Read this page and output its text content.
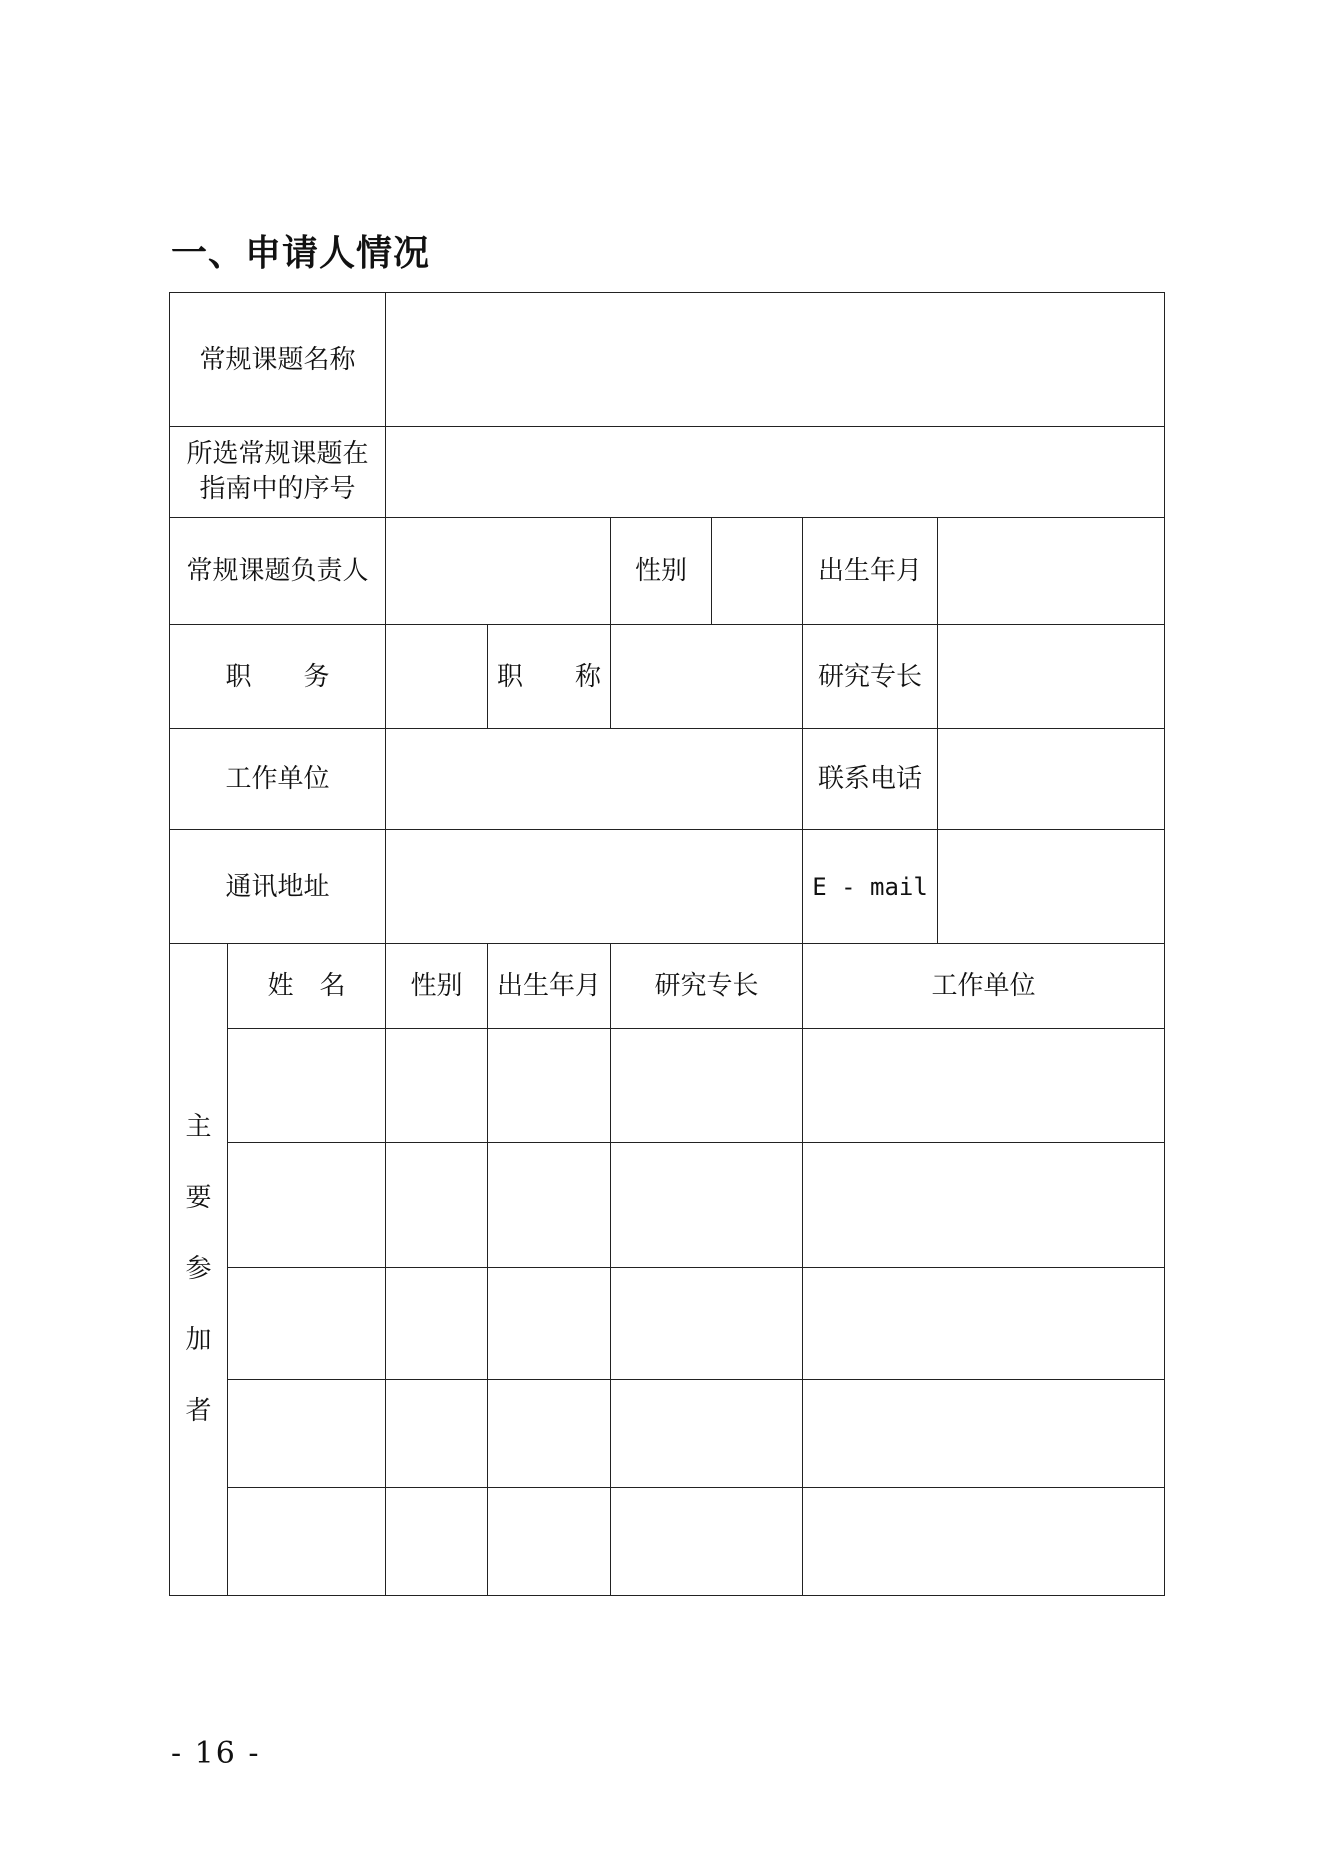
一、申请人情况
常规课题名称							

所选常规课题在指南中的序号							

常规课题负责人				性别		出生年月	
职　　务			职　　称			研究专长	
工作单位						联系电话	
通讯地址						E - mail	
主要参加者	姓　名	性别	出生年月	研究专长		工作单位	

- 16 -
